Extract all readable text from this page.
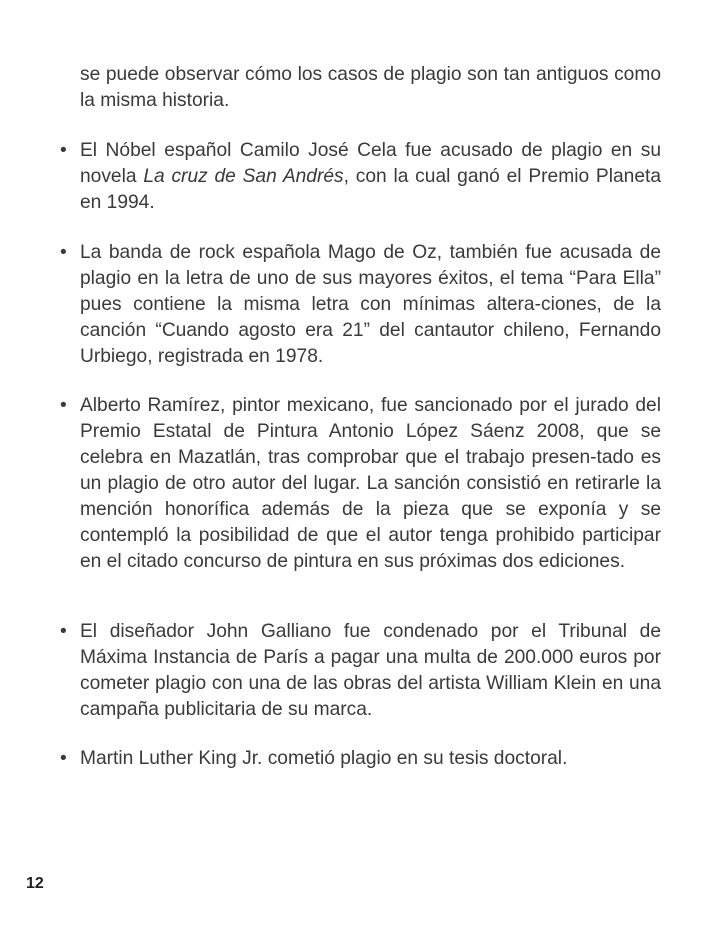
se puede observar cómo los casos de plagio son tan antiguos como la misma historia.

• El Nóbel español Camilo José Cela fue acusado de plagio en su novela La cruz de San Andrés, con la cual ganó el Premio Planeta en 1994.

• La banda de rock española Mago de Oz, también fue acusada de plagio en la letra de uno de sus mayores éxitos, el tema “Para Ella” pues contiene la misma letra con mínimas altera-ciones, de la canción “Cuando agosto era 21” del cantautor chileno, Fernando Urbiego, registrada en 1978.

• Alberto Ramírez, pintor mexicano, fue sancionado por el jurado del Premio Estatal de Pintura Antonio López Sáenz 2008, que se celebra en Mazatlán, tras comprobar que el trabajo presen-tado es un plagio de otro autor del lugar. La sanción consistió en retirarle la mención honorífica además de la pieza que se exponía y se contempló la posibilidad de que el autor tenga prohibido participar en el citado concurso de pintura en sus próximas dos ediciones.

• El diseñador John Galliano fue condenado por el Tribunal de Máxima Instancia de París a pagar una multa de 200.000 euros por cometer plagio con una de las obras del artista William Klein en una campaña publicitaria de su marca.

• Martin Luther King Jr. cometió plagio en su tesis doctoral.

12
